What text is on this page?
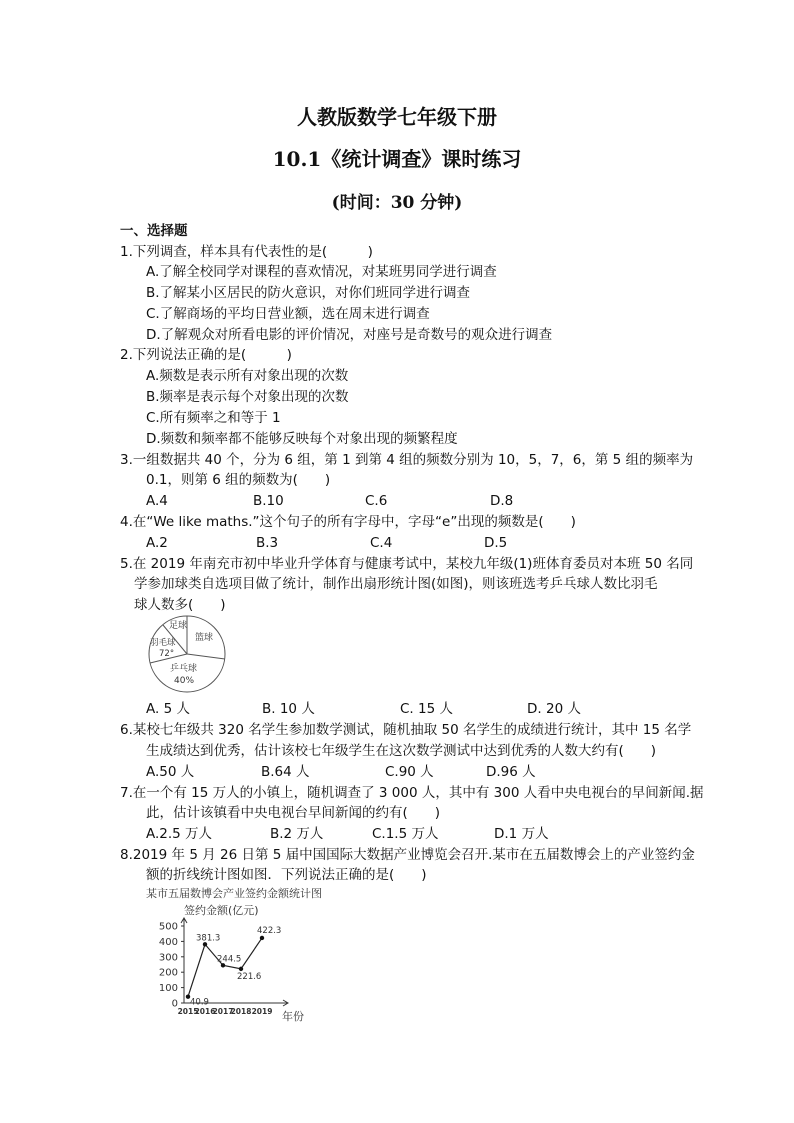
人教版数学七年级下册
10.1《统计调查》课时练习
(时间：30 分钟)
一、选择题
1.下列调查，样本具有代表性的是(　　　)
A.了解全校同学对课程的喜欢情况，对某班男同学进行调查
B.了解某小区居民的防火意识，对你们班同学进行调查
C.了解商场的平均日营业额，选在周末进行调查
D.了解观众对所看电影的评价情况，对座号是奇数号的观众进行调查
2.下列说法正确的是(　　　)
A.频数是表示所有对象出现的次数
B.频率是表示每个对象出现的次数
C.所有频率之和等于 1
D.频数和频率都不能够反映每个对象出现的频繁程度
3.一组数据共 40 个，分为 6 组，第 1 到第 4 组的频数分别为 10，5，7，6，第 5 组的频率为
0.1，则第 6 组的频数为(　　)
A.4	B.10	C.6	D.8
4.在“We like maths.”这个句子的所有字母中，字母“e”出现的频数是(　　)
A.2	B.3	C.4	D.5
5.在 2019 年南充市初中毕业升学体育与健康考试中，某校九年级(1)班体育委员对本班 50 名同
学参加球类自选项目做了统计，制作出扇形统计图(如图)，则该班选考乒乓球人数比羽毛
球人数多(　　)
足球
羽毛球
72°
篮球
乒乓球
40%
A. 5 人	B. 10 人	C. 15 人	D. 20 人
6.某校七年级共 320 名学生参加数学测试，随机抽取 50 名学生的成绩进行统计，其中 15 名学
生成绩达到优秀，估计该校七年级学生在这次数学测试中达到优秀的人数大约有(　　)
A.50 人	B.64 人	C.90 人	D.96 人
7.在一个有 15 万人的小镇上，随机调查了 3 000 人，其中有 300 人看中央电视台的早间新闻.据
此，估计该镇看中央电视台早间新闻的约有(　　)
A.2.5 万人	B.2 万人	C.1.5 万人	D.1 万人
8.2019 年 5 月 26 日第 5 届中国国际大数据产业博览会召开.某市在五届数博会上的产业签约金
额的折线统计图如图．下列说法正确的是(　　)
某市五届数博会产业签约金额统计图
签约金额(亿元)
年份
0
100
200
300
400
500
2015
2016
2017
2018 2019
40.9
381.3
244.5
221.6
422.3
